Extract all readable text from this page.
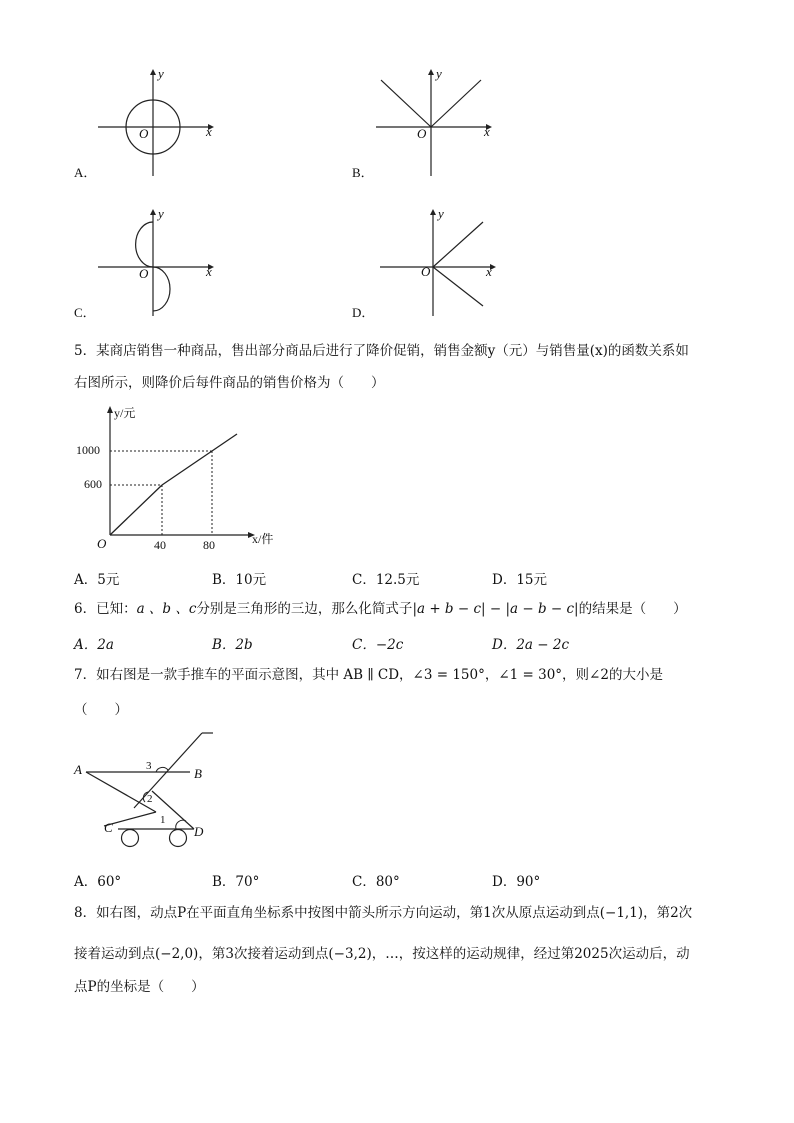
y
x
O
A．
y
x
O
B．
y
x
O
C．
y
x
O
D．
5．某商店销售一种商品，售出部分商品后进行了降价促销，销售金额y（元）与销售量(x)的函数关系如
右图所示，则降价后每件商品的销售价格为（　　）
y/元
x/件
O
1000
600
40	80
A．5元	B．10元	C．12.5元	D．15元
6．已知：a 、b 、c分别是三角形的三边，那么化简式子|a + b − c| − |a − b − c|的结果是（　　）
A．2a	B．2b	C．−2c	D．2a − 2c
7．如右图是一款手推车的平面示意图，其中 AB ∥ CD，∠3 = 150°，∠1 = 30°，则∠2的大小是
（　　）
A	B
C	D
1
2
3
A．60°	B．70°	C．80°	D．90°
8．如右图，动点P在平面直角坐标系中按图中箭头所示方向运动，第1次从原点运动到点(−1,1)，第2次
接着运动到点(−2,0)，第3次接着运动到点(−3,2)，…，按这样的运动规律，经过第2025次运动后，动
点P的坐标是（　　）
